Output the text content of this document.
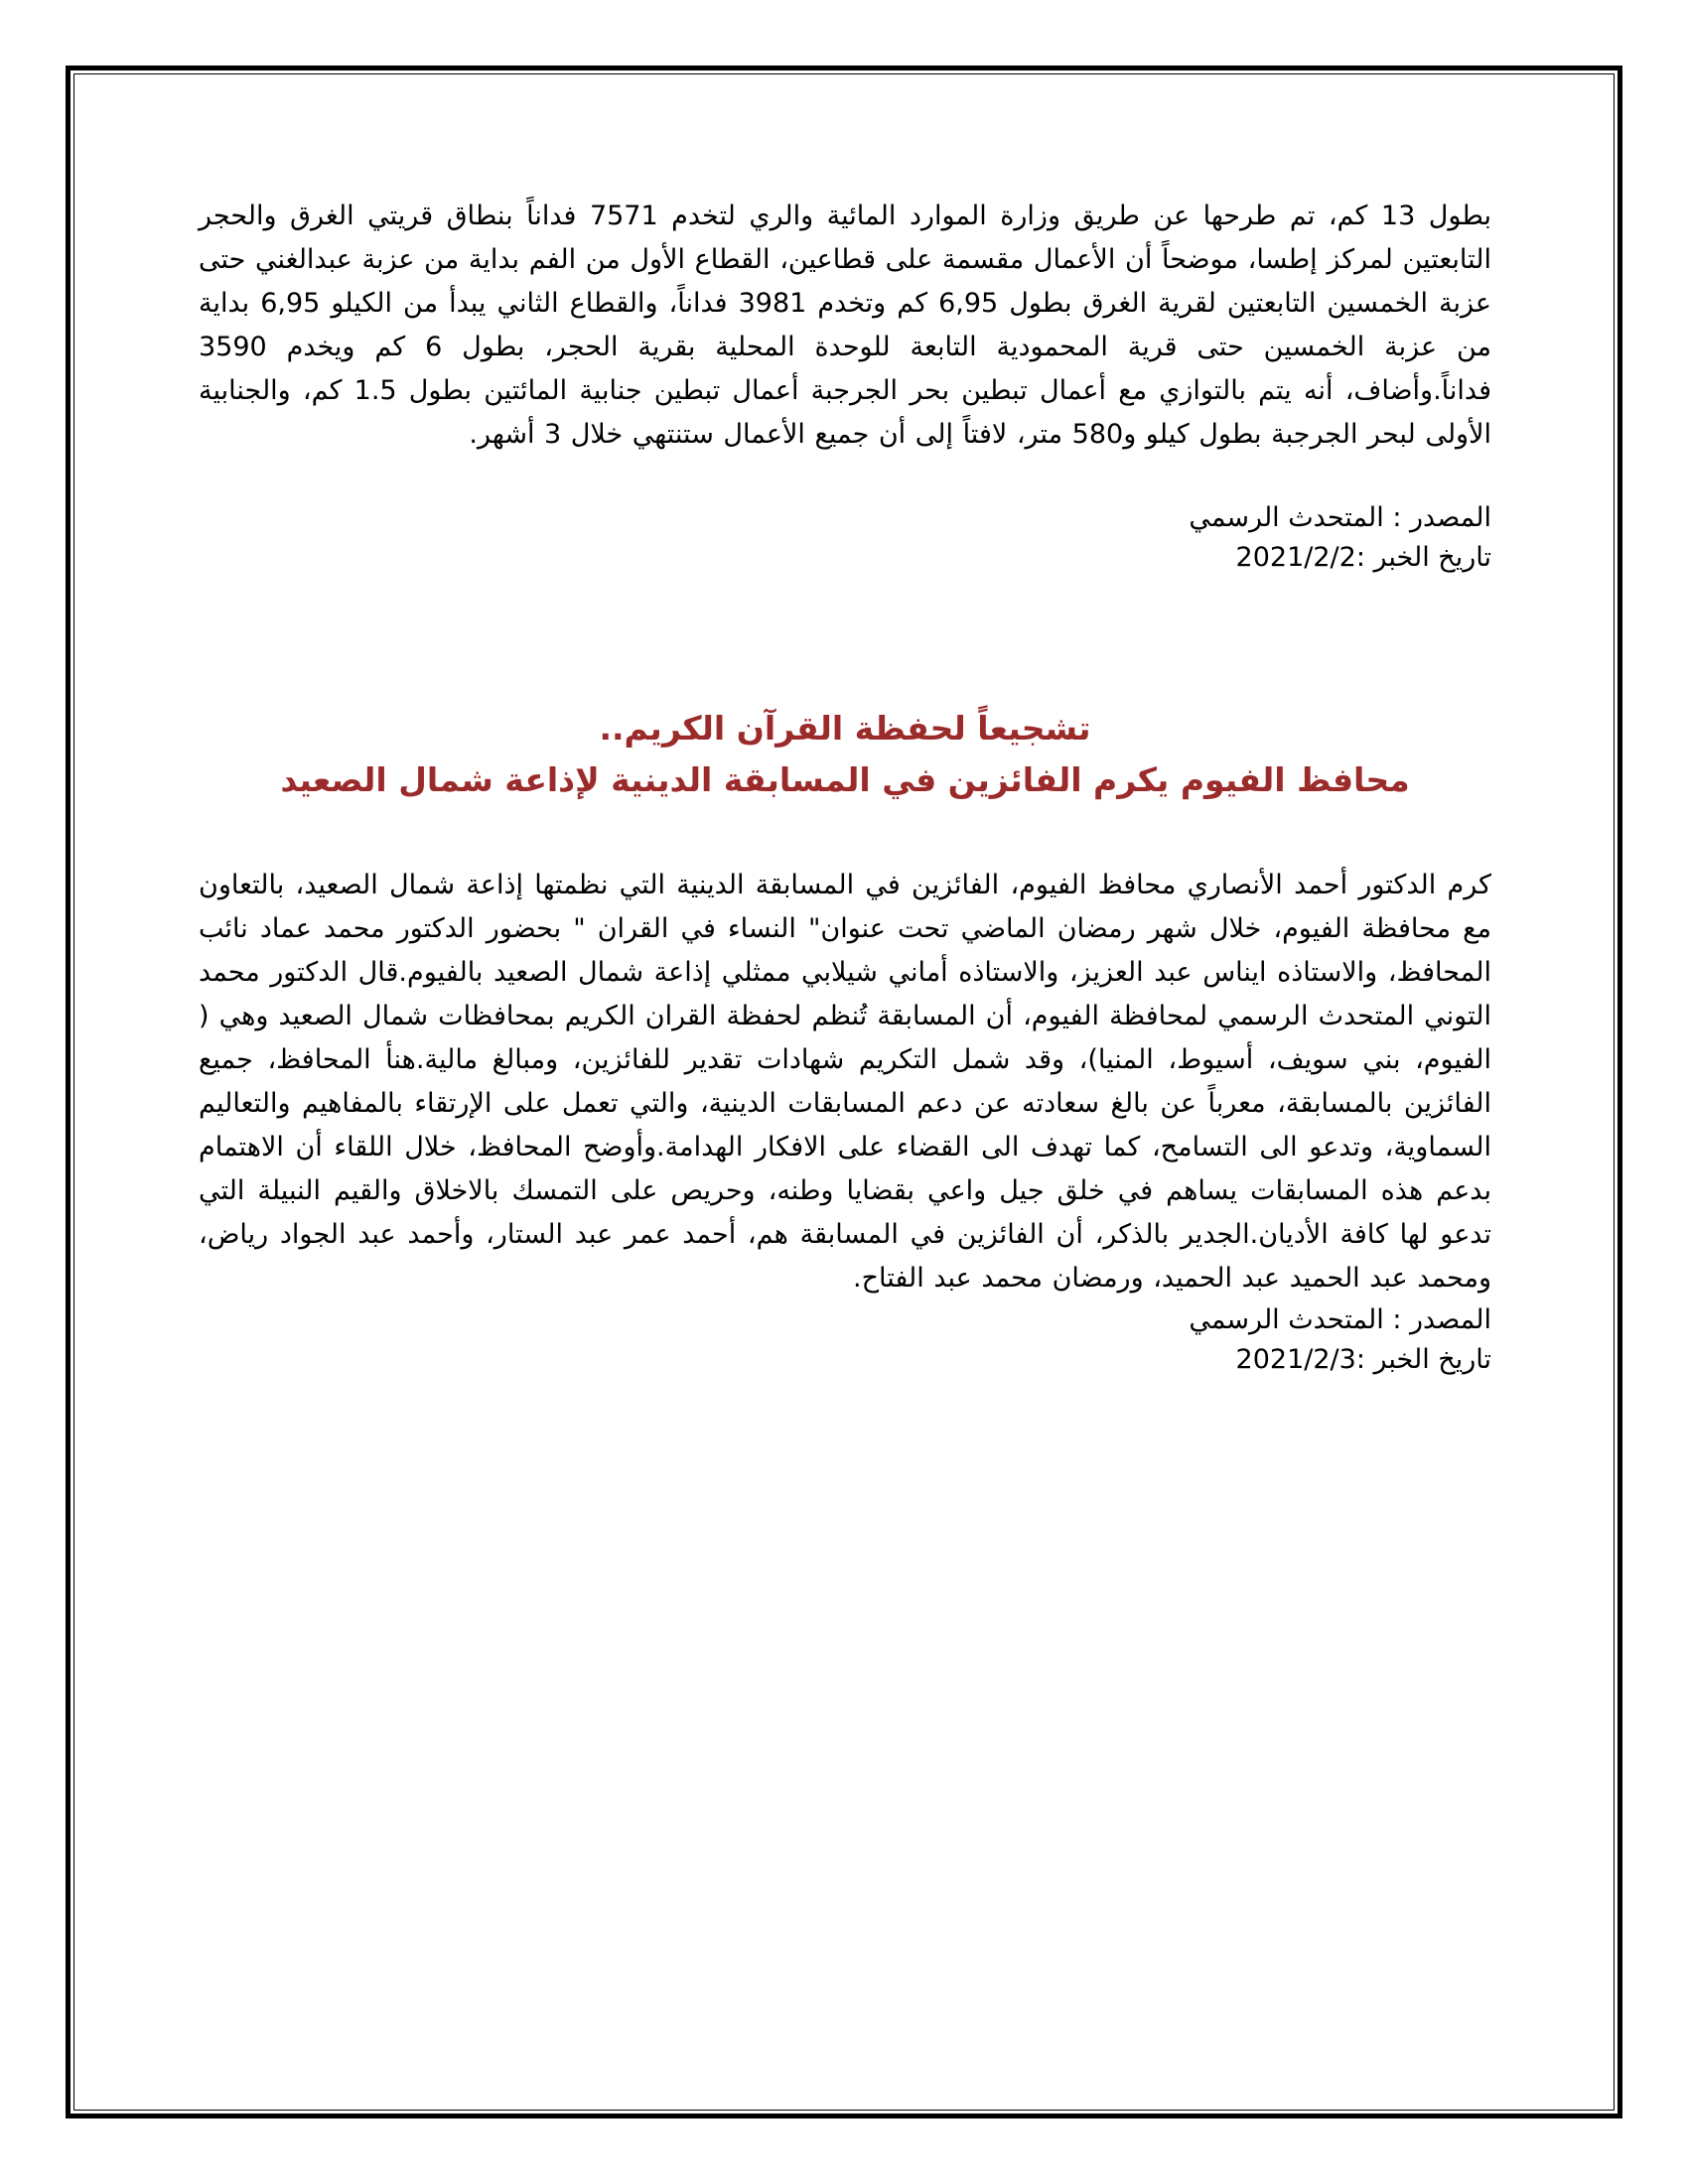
بطول 13 كم، تم طرحها عن طريق وزارة الموارد المائية والري لتخدم 7571 فداناً بنطاق قريتي الغرق والحجر التابعتين لمركز إطسا، موضحاً أن الأعمال مقسمة على قطاعين، القطاع الأول من الفم بداية من عزبة عبدالغني حتى عزبة الخمسين التابعتين لقرية الغرق بطول 6,95 كم وتخدم 3981 فداناً، والقطاع الثاني يبدأ من الكيلو 6,95 بداية من عزبة الخمسين حتى قرية المحمودية التابعة للوحدة المحلية بقرية الحجر، بطول 6 كم ويخدم 3590 فداناً.وأضاف، أنه يتم بالتوازي مع أعمال تبطين بحر الجرجبة أعمال تبطين جنابية المائتين بطول 1.5 كم، والجنابية الأولى لبحر الجرجبة بطول كيلو و580 متر، لافتاً إلى أن جميع الأعمال ستنتهي خلال 3 أشهر.

المصدر : المتحدث الرسمي

تاريخ الخبر :2021/2/2

تشجيعاً لحفظة القرآن الكريم..
محافظ الفيوم يكرم الفائزين في المسابقة الدينية لإذاعة شمال الصعيد

كرم الدكتور أحمد الأنصاري محافظ الفيوم، الفائزين في المسابقة الدينية التي نظمتها إذاعة شمال الصعيد، بالتعاون مع محافظة الفيوم، خلال شهر رمضان الماضي تحت عنوان" النساء في القران " بحضور الدكتور محمد عماد نائب المحافظ، والاستاذه ايناس عبد العزيز، والاستاذه أماني شيلابي ممثلي إذاعة شمال الصعيد بالفيوم.قال الدكتور محمد التوني المتحدث الرسمي لمحافظة الفيوم، أن المسابقة تُنظم لحفظة القران الكريم بمحافظات شمال الصعيد وهي ( الفيوم، بني سويف، أسيوط، المنيا)، وقد شمل التكريم شهادات تقدير للفائزين، ومبالغ مالية.هنأ المحافظ، جميع الفائزين بالمسابقة، معرباً عن بالغ سعادته عن دعم المسابقات الدينية، والتي تعمل على الإرتقاء بالمفاهيم والتعاليم السماوية، وتدعو الى التسامح، كما تهدف الى القضاء على الافكار الهدامة.وأوضح المحافظ، خلال اللقاء أن الاهتمام بدعم هذه المسابقات يساهم في خلق جيل واعي بقضايا وطنه، وحريص على التمسك بالاخلاق والقيم النبيلة التي تدعو لها كافة الأديان.الجدير بالذكر، أن الفائزين في المسابقة هم، أحمد عمر عبد الستار، وأحمد عبد الجواد رياض، ومحمد عبد الحميد عبد الحميد، ورمضان محمد عبد الفتاح.

المصدر : المتحدث الرسمي

تاريخ الخبر :2021/2/3
